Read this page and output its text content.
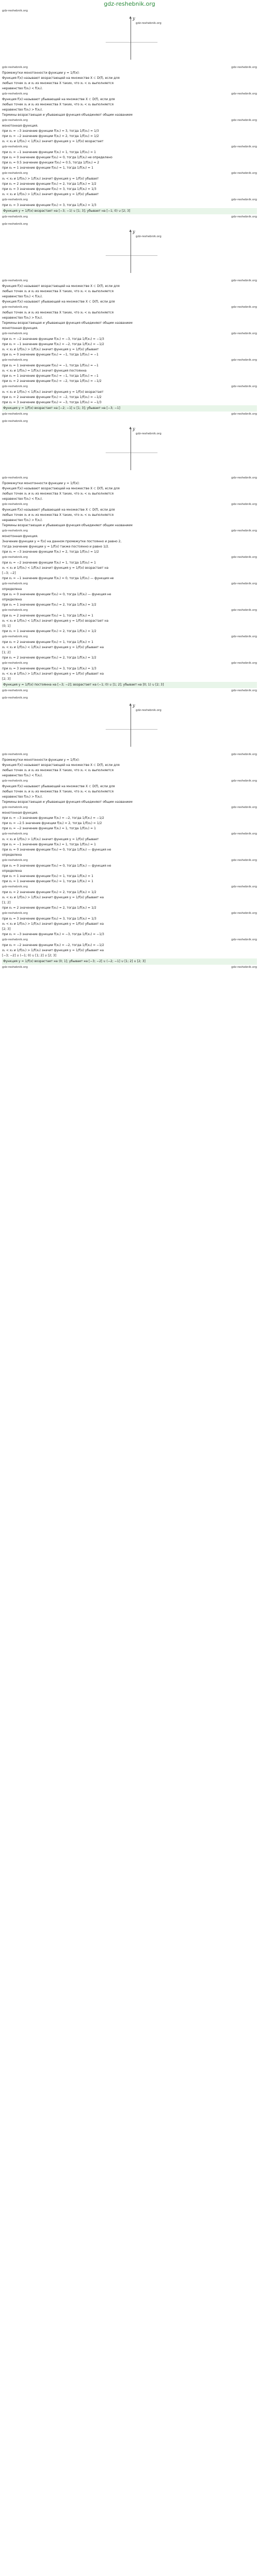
gdz-reshebnik.org
gdz-reshebnik.org
▲ y
gdz-reshebnik.org
gdz-reshebnik.org	gdz-reshebnik.org
Промежутки монотонности функции y = 1/f(x):
Функция f(x) называют возрастающей на множестве X ⊂ D(f), если для
любых точек x₁ и x₂ из множества X таких, что x₁ < x₂ выполняется
неравенство f(x₁) < f(x₂).
gdz-reshebnik.org	gdz-reshebnik.org
Функция f(x) называют убывающей на множестве X ⊂ D(f), если для
любых точек x₁ и x₂ из множества X таких, что x₁ < x₂ выполняется
неравенство f(x₁) > f(x₂).
Термины возрастающая и убывающая функция объединяют общим названием
gdz-reshebnik.org	gdz-reshebnik.org
монотонная функция.
при x₁ = −3 значение функции f(x₁) = 3, тогда 1/f(x₁) = 1/3
при x₂ = −2 значение функции f(x₂) = 2, тогда 1/f(x₂) = 1/2
x₁ < x₂ и 1/f(x₁) < 1/f(x₂) значит функция y = 1/f(x) возрастает
gdz-reshebnik.org	gdz-reshebnik.org
при x₁ = −1 значение функции f(x₁) = 1, тогда 1/f(x₁) = 1
при x₂ = 0 значение функции f(x₂) = 0, тогда 1/f(x₂) не определено
при x₁ = 0.5 значение функции f(x₁) = 0.5, тогда 1/f(x₁) = 2
при x₂ = 1 значение функции f(x₂) = 1, тогда 1/f(x₂) = 1
gdz-reshebnik.org	gdz-reshebnik.org
x₁ < x₂ и 1/f(x₁) > 1/f(x₂) значит функция y = 1/f(x) убывает
при x₁ = 2 значение функции f(x₁) = 2, тогда 1/f(x₁) = 1/2
при x₂ = 3 значение функции f(x₂) = 3, тогда 1/f(x₂) = 1/3
x₁ < x₂ и 1/f(x₁) > 1/f(x₂) значит функция y = 1/f(x) убывает
gdz-reshebnik.org	gdz-reshebnik.org
при x₁ = 3 значение функции f(x₁) = 3, тогда 1/f(x₁) = 1/3
Функция y = 1/f(x) возрастает на [−3; −1) ∪ [1; 3]; убывает на [−1; 0) ∪ [2; 3]
gdz-reshebnik.org	gdz-reshebnik.org
gdz-reshebnik.org
▲ y
gdz-reshebnik.org
gdz-reshebnik.org	gdz-reshebnik.org
Функция f(x) называют возрастающей на множестве X ⊂ D(f), если для
любых точек x₁ и x₂ из множества X таких, что x₁ < x₂ выполняется
неравенство f(x₁) < f(x₂).
Функция f(x) называют убывающей на множестве X ⊂ D(f), если для
gdz-reshebnik.org	gdz-reshebnik.org
любых точек x₁ и x₂ из множества X таких, что x₁ < x₂ выполняется
неравенство f(x₁) > f(x₂).
Термины возрастающая и убывающая функция объединяют общим названием
монотонная функция.
gdz-reshebnik.org	gdz-reshebnik.org
при x₁ = −2 значение функции f(x₁) = −3, тогда 1/f(x₁) = −1/3
при x₂ = −1 значение функции f(x₂) = −2, тогда 1/f(x₂) = −1/2
x₁ < x₂ и 1/f(x₁) > 1/f(x₂) значит функция y = 1/f(x) убывает
при x₁ = 0 значение функции f(x₁) = −1, тогда 1/f(x₁) = −1
gdz-reshebnik.org	gdz-reshebnik.org
при x₂ = 1 значение функции f(x₂) = −1, тогда 1/f(x₂) = −1
x₁ < x₂ и 1/f(x₁) = 1/f(x₂) значит функция постоянна
при x₁ = 1 значение функции f(x₁) = −1, тогда 1/f(x₁) = −1
при x₂ = 2 значение функции f(x₂) = −2, тогда 1/f(x₂) = −1/2
gdz-reshebnik.org	gdz-reshebnik.org
x₁ < x₂ и 1/f(x₁) < 1/f(x₂) значит функция y = 1/f(x) возрастает
при x₁ = 2 значение функции f(x₁) = −2, тогда 1/f(x₁) = −1/2
при x₂ = 3 значение функции f(x₂) = −3, тогда 1/f(x₂) = −1/3
Функция y = 1/f(x) возрастает на [−2; −1] ∪ [1; 3]; убывает на [−3; −1]
gdz-reshebnik.org	gdz-reshebnik.org
gdz-reshebnik.org
▲ y
gdz-reshebnik.org
gdz-reshebnik.org	gdz-reshebnik.org
Промежутки монотонности функции y = 1/f(x):
Функция f(x) называют возрастающей на множестве X ⊂ D(f), если для
любых точек x₁ и x₂ из множества X таких, что x₁ < x₂ выполняется
неравенство f(x₁) < f(x₂).
gdz-reshebnik.org	gdz-reshebnik.org
Функция f(x) называют убывающей на множестве X ⊂ D(f), если для
любых точек x₁ и x₂ из множества X таких, что x₁ < x₂ выполняется
неравенство f(x₁) > f(x₂).
Термины возрастающая и убывающая функция объединяют общим названием
gdz-reshebnik.org	gdz-reshebnik.org
монотонная функция.
Значение функции y = f(x) на данном промежутке постоянно и равно 2,
тогда значение функции y = 1/f(x) также постоянно и равно 1/2.
при x₁ = −3 значение функции f(x₁) = 2, тогда 1/f(x₁) = 1/2
gdz-reshebnik.org	gdz-reshebnik.org
при x₂ = −2 значение функции f(x₂) = 1, тогда 1/f(x₂) = 1
x₁ < x₂ и 1/f(x₁) < 1/f(x₂) значит функция y = 1/f(x) возрастает на
[−3; −2]
при x₁ = −1 значение функции f(x₁) = 0, тогда 1/f(x₁) — функция не
gdz-reshebnik.org	gdz-reshebnik.org
определена
при x₂ = 0 значение функции f(x₂) = 0, тогда 1/f(x₂) — функция не
определена
при x₁ = 1 значение функции f(x₁) = 2, тогда 1/f(x₁) = 1/2
gdz-reshebnik.org	gdz-reshebnik.org
при x₂ = 2 значение функции f(x₂) = 1, тогда 1/f(x₂) = 1
x₁ < x₂ и 1/f(x₁) < 1/f(x₂) значит функция y = 1/f(x) возрастает на
(0; 1]
при x₁ = 1 значение функции f(x₁) = 2, тогда 1/f(x₁) = 1/2
gdz-reshebnik.org	gdz-reshebnik.org
при x₂ = 2 значение функции f(x₂) = 1, тогда 1/f(x₂) = 1
x₁ < x₂ и 1/f(x₁) < 1/f(x₂) значит функция y = 1/f(x) убывает на
[1; 2]
при x₁ = 2 значение функции f(x₁) = 2, тогда 1/f(x₁) = 1/2
gdz-reshebnik.org	gdz-reshebnik.org
при x₂ = 3 значение функции f(x₂) = 3, тогда 1/f(x₂) = 1/3
x₁ < x₂ и 1/f(x₁) > 1/f(x₂) значит функция y = 1/f(x) убывает на
[2; 3]
Функция y = 1/f(x) постоянна на [−3; −2]; возрастает на (−1; 0) ∪ [1; 2]; убывает на [0; 1) ∪ [2; 3]
gdz-reshebnik.org	gdz-reshebnik.org
gdz-reshebnik.org
▲ y
gdz-reshebnik.org
gdz-reshebnik.org	gdz-reshebnik.org
Промежутки монотонности функции y = 1/f(x):
Функция f(x) называют возрастающей на множестве X ⊂ D(f), если для
любых точек x₁ и x₂ из множества X таких, что x₁ < x₂ выполняется
неравенство f(x₁) < f(x₂).
gdz-reshebnik.org	gdz-reshebnik.org
Функция f(x) называют убывающей на множестве X ⊂ D(f), если для
любых точек x₁ и x₂ из множества X таких, что x₁ < x₂ выполняется
неравенство f(x₁) > f(x₂).
Термины возрастающая и убывающая функция объединяют общим названием
gdz-reshebnik.org	gdz-reshebnik.org
монотонная функция.
при x₁ = −3 значение функции f(x₁) = −2, тогда 1/f(x₁) = −1/2
при x₂ = −2.5 значение функции f(x₂) = 2, тогда 1/f(x₂) = 1/2
при x₁ = −2 значение функции f(x₁) = 1, тогда 1/f(x₁) = 1
gdz-reshebnik.org	gdz-reshebnik.org
x₁ < x₂ и 1/f(x₁) > 1/f(x₂) значит функция y = 1/f(x) убывает
при x₁ = −1 значение функции f(x₁) = 1, тогда 1/f(x₁) = 1
при x₂ = 0 значение функции f(x₂) = 0, тогда 1/f(x₂) — функция не
определена
gdz-reshebnik.org	gdz-reshebnik.org
при x₁ = 0 значение функции f(x₁) = 0, тогда 1/f(x₁) — функция не
определена
при x₂ = 1 значение функции f(x₂) = 1, тогда 1/f(x₂) = 1
при x₁ = 1 значение функции f(x₁) = 1, тогда 1/f(x₁) = 1
gdz-reshebnik.org	gdz-reshebnik.org
при x₂ = 2 значение функции f(x₂) = 2, тогда 1/f(x₂) = 1/2
x₁ < x₂ и 1/f(x₁) > 1/f(x₂) значит функция y = 1/f(x) убывает на
[1; 2]
при x₁ = 2 значение функции f(x₁) = 2, тогда 1/f(x₁) = 1/2
gdz-reshebnik.org	gdz-reshebnik.org
при x₂ = 3 значение функции f(x₂) = 3, тогда 1/f(x₂) = 1/3
x₁ < x₂ и 1/f(x₁) > 1/f(x₂) значит функция y = 1/f(x) убывает на
[2; 3]
при x₁ = −3 значение функции f(x₁) = −3, тогда 1/f(x₁) = −1/3
gdz-reshebnik.org	gdz-reshebnik.org
при x₂ = −2 значение функции f(x₂) = −2, тогда 1/f(x₂) = −1/2
x₁ < x₂ и 1/f(x₁) > 1/f(x₂) значит функция y = 1/f(x) убывает на
[−3; −2] ∪ (−1; 0) ∪ [1; 2] ∪ [2; 3]
Функция y = 1/f(x) возрастает на (0; 1]; убывает на [−3; −2] ∪ (−2; −1] ∪ [1; 2] ∪ [2; 3]
gdz-reshebnik.org	gdz-reshebnik.org
